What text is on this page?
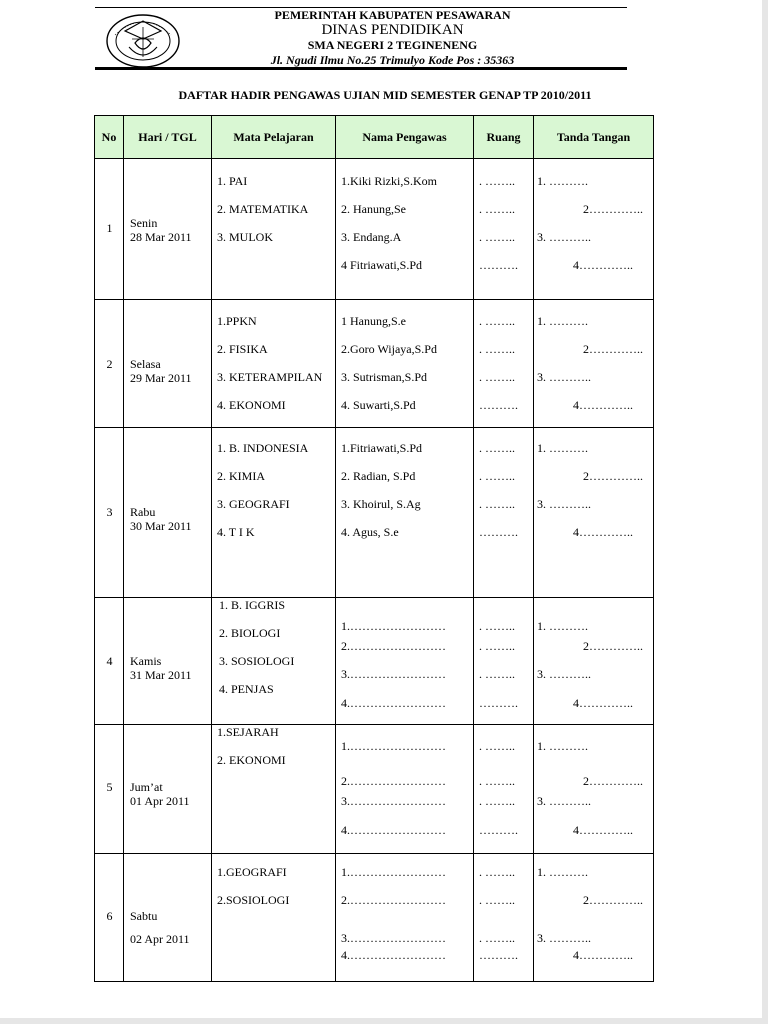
PEMERINTAH KABUPATEN PESAWARAN
DINAS PENDIDIKAN
SMA NEGERI 2 TEGINENENG
Jl. Ngudi Ilmu No.25 Trimulyo Kode Pos : 35363
DAFTAR HADIR PENGAWAS UJIAN MID SEMESTER GENAP TP 2010/2011
No	Hari / TGL	Mata Pelajaran	Nama Pengawas	Ruang	Tanda Tangan

1	Senin
28 Mar 2011	1. PAI
2. MATEMATIKA
3. MULOK	1.Kiki Rizki,S.Kom
2. Hanung,Se
3. Endang.A
4 Fitriawati,S.Pd	. ……..
. ……..
. ……..
……….	1. ……….
2…………..
3. ………..
4…………..

2	Selasa
29 Mar 2011	1.PPKN
2. FISIKA
3. KETERAMPILAN
4. EKONOMI	1 Hanung,S.e
2.Goro Wijaya,S.Pd
3. Sutrisman,S.Pd
4. Suwarti,S.Pd	. ……..
. ……..
. ……..
……….	1. ……….
2…………..
3. ………..
4…………..

3	Rabu
30 Mar 2011	1. B. INDONESIA
2. KIMIA
3. GEOGRAFI
4. T I K	1.Fitriawati,S.Pd
2. Radian, S.Pd
3. Khoirul, S.Ag
4. Agus, S.e	. ……..
. ……..
. ……..
……….	1. ……….
2…………..
3. ………..
4…………..

4	Kamis
31 Mar 2011	1. B. IGGRIS
2. BIOLOGI
3. SOSIOLOGI
4. PENJAS	1.……………………
2.……………………
3.……………………
4.……………………	. ……..
. ……..
. ……..
……….	1. ……….
2…………..
3. ………..
4…………..

5	Jum’at
01 Apr 2011	1.SEJARAH
2. EKONOMI	1.……………………
2.……………………
3.……………………
4.……………………	. ……..
. ……..
. ……..
……….	1. ……….
2…………..
3. ………..
4…………..

6	Sabtu
02 Apr 2011	1.GEOGRAFI
2.SOSIOLOGI	1.……………………
2.……………………
3.……………………
4.……………………	. ……..
. ……..
. ……..
……….	1. ……….
2…………..
3. ………..
4…………..
